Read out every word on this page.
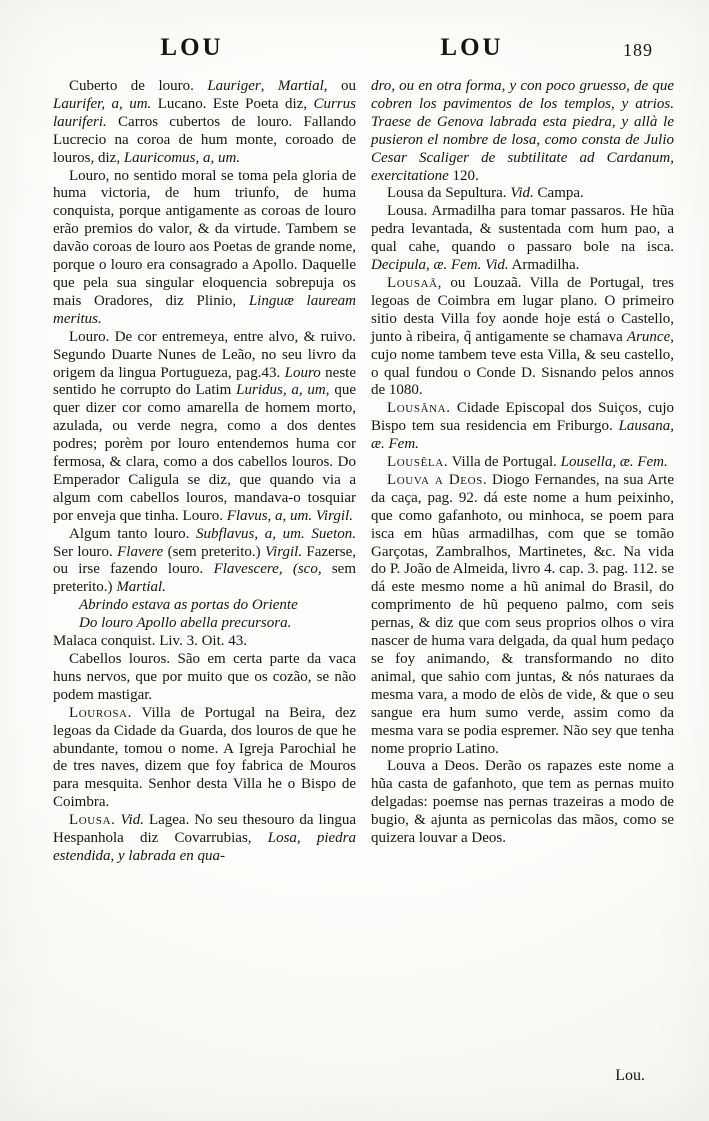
LOU	LOU	189

Cuberto de louro. Lauriger, Martial, ou Laurifer, a, um. Lucano. Este Poeta diz, Currus lauriferi. Carros cubertos de louro. Fallando Lucrecio na coroa de hum monte, coroado de louros, diz, Lauricomus, a, um.

Louro, no sentido moral se toma pela gloria de huma victoria, de hum triunfo, de huma conquista, porque antigamente as coroas de louro erão premios do valor, & da virtude. Tambem se davão coroas de louro aos Poetas de grande nome, porque o louro era consagrado a Apollo. Daquelle que pela sua singular eloquencia sobrepuja os mais Oradores, diz Plinio, Linguæ lauream meritus.

Louro. De cor entremeya, entre alvo, & ruivo. Segundo Duarte Nunes de Leão, no seu livro da origem da lingua Portugueza, pag.43. Louro neste sentido he corrupto do Latim Luridus, a, um, que quer dizer cor como amarella de homem morto, azulada, ou verde negra, como a dos dentes podres; porèm por louro entendemos huma cor fermosa, & clara, como a dos cabellos louros. Do Emperador Caligula se diz, que quando via a algum com cabellos louros, mandava-o tosquiar por enveja que tinha. Louro. Flavus, a, um. Virgil.

Algum tanto louro. Subflavus, a, um. Sueton. Ser louro. Flavere (sem preterito.) Virgil. Fazerse, ou irse fazendo louro. Flavescere, (sco, sem preterito.) Martial.

Abrindo estava as portas do Oriente

Do louro Apollo abella precursora.

Malaca conquist. Liv. 3. Oit. 43.

Cabellos louros. São em certa parte da vaca huns nervos, que por muito que os cozão, se não podem mastigar.

Lourosa. Villa de Portugal na Beira, dez legoas da Cidade da Guarda, dos louros de que he abundante, tomou o nome. A Igreja Parochial he de tres naves, dizem que foy fabrica de Mouros para mesquita. Senhor desta Villa he o Bispo de Coimbra.

Lousa. Vid. Lagea. No seu thesouro da lingua Hespanhola diz Covarrubias, Losa, piedra estendida, y labrada en qua-

dro, ou en otra forma, y con poco gruesso, de que cobren los pavimentos de los templos, y atrios. Traese de Genova labrada esta piedra, y allà le pusieron el nombre de losa, como consta de Julio Cesar Scaliger de subtilitate ad Cardanum, exercitatione 120.

Lousa da Sepultura. Vid. Campa.

Lousa. Armadilha para tomar passaros. He hũa pedra levantada, & sustentada com hum pao, a qual cahe, quando o passaro bole na isca. Decipula, æ. Fem. Vid. Armadilha.

Lousaã, ou Louzaã. Villa de Portugal, tres legoas de Coimbra em lugar plano. O primeiro sitio desta Villa foy aonde hoje está o Castello, junto à ribeira, q̃ antigamente se chamava Arunce, cujo nome tambem teve esta Villa, & seu castello, o qual fundou o Conde D. Sisnando pelos annos de 1080.

Lousâna. Cidade Episcopal dos Suiços, cujo Bispo tem sua residencia em Friburgo. Lausana, æ. Fem.

Lousêla. Villa de Portugal. Lousella, æ. Fem.

Louva a Deos. Diogo Fernandes, na sua Arte da caça, pag. 92. dá este nome a hum peixinho, que como gafanhoto, ou minhoca, se poem para isca em hũas armadilhas, com que se tomão Garçotas, Zambralhos, Martinetes, &c. Na vida do P. João de Almeida, livro 4. cap. 3. pag. 112. se dá este mesmo nome a hũ animal do Brasil, do comprimento de hũ pequeno palmo, com seis pernas, & diz que com seus proprios olhos o vira nascer de huma vara delgada, da qual hum pedaço se foy animando, & transformando no dito animal, que sahio com juntas, & nós naturaes da mesma vara, a modo de elòs de vide, & que o seu sangue era hum sumo verde, assim como da mesma vara se podia espremer. Não sey que tenha nome proprio Latino.

Louva a Deos. Derão os rapazes este nome a hũa casta de gafanhoto, que tem as pernas muito delgadas: poemse nas pernas trazeiras a modo de bugio, & ajunta as pernicolas das mãos, como se quizera louvar a Deos.

Lou.
